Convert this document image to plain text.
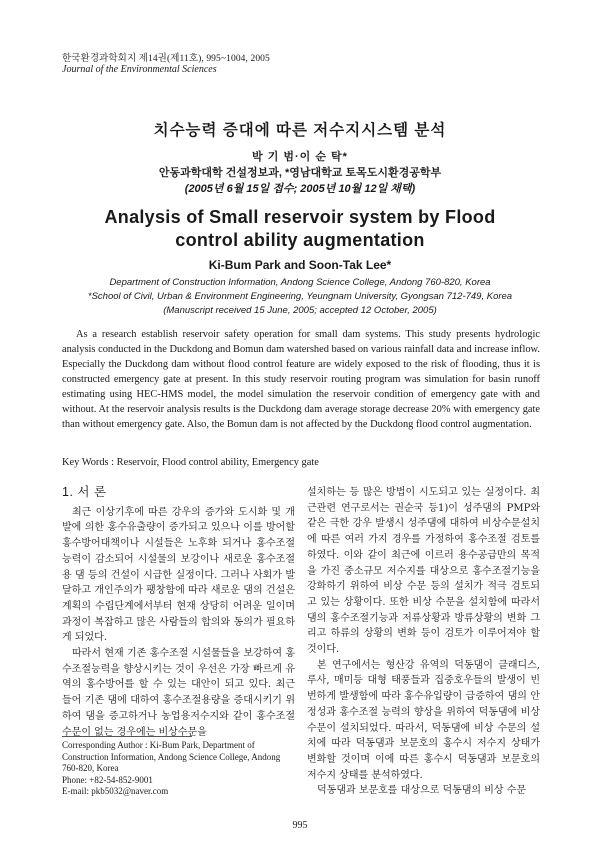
한국환경과학회지 제14권(제11호), 995~1004, 2005
Journal of the Environmental Sciences
치수능력 증대에 따른 저수지시스템 분석
박 기 범·이 순 탁*
안동과학대학 건설정보과, *영남대학교 토목도시환경공학부
(2005년 6월 15일 접수; 2005년 10월 12일 채택)
Analysis of Small reservoir system by Flood
control ability augmentation
Ki-Bum Park and Soon-Tak Lee*
Department of Construction Information, Andong Science College, Andong 760-820, Korea
*School of Civil, Urban & Environment Engineering, Yeungnam University, Gyongsan 712-749, Korea
(Manuscript received 15 June, 2005; accepted 12 October, 2005)
As a research establish reservoir safety operation for small dam systems. This study presents hydrologic analysis conducted in the Duckdong and Bomun dam watershed based on various rainfall data and increase inflow. Especially the Duckdong dam without flood control feature are widely exposed to the risk of flooding, thus it is constructed emergency gate at present. In this study reservoir routing program was simulation for basin runoff estimating using HEC-HMS model, the model simulation the reservoir condition of emergency gate with and without. At the reservoir analysis results is the Duckdong dam average storage decrease 20% with emergency gate than without emergency gate. Also, the Bomun dam is not affected by the Duckdong flood control augmentation.
Key Words : Reservoir, Flood control ability, Emergency gate
1. 서 론

최근 이상기후에 따른 강우의 증가와 도시화 및 개발에 의한 홍수유출량이 증가되고 있으나 이를 방어할 홍수방어대책이나 시설들은 노후화 되거나 홍수조절능력이 감소되어 시설물의 보강이나 새로운 홍수조절용 댐 등의 건설이 시급한 실정이다. 그러나 사회가 발달하고 개인주의가 팽창함에 따라 새로운 댐의 건설은 계획의 수립단계에서부터 현재 상당히 어려운 일이며 과정이 복잡하고 많은 사람들의 합의와 동의가 필요하게 되었다.

따라서 현재 기존 홍수조절 시설물들을 보강하여 홍수조절능력을 향상시키는 것이 우선은 가장 빠르게 유역의 홍수방어를 할 수 있는 대안이 되고 있다. 최근 들어 기존 댐에 대하여 홍수조절용량을 증대시키기 위하여 댐을 증고하거나 농업용저수지와 같이 홍수조절 수문이 없는 경우에는 비상수문을

설치하는 등 많은 방법이 시도되고 있는 실정이다. 최근관련 연구로서는 권순국 등1)이 성주댐의 PMP와 같은 극한 강우 발생시 성주댐에 대하여 비상수문설치에 따른 여러 가지 경우를 가정하여 홍수조절 검토를 하였다. 이와 같이 최근에 이르러 용수공급만의 목적을 가진 중소규모 저수지를 대상으로 홍수조절기능을 강화하기 위하여 비상 수문 등의 설치가 적극 검토되고 있는 상황이다. 또한 비상 수문을 설치함에 따라서 댐의 홍수조절기능과 저류상황과 방류상황의 변화 그리고 하류의 상황의 변화 등이 검토가 이루어져야 할 것이다.

본 연구에서는 형산강 유역의 덕동댐이 클래디스, 루사, 매미등 대형 태풍들과 집중호우들의 발생이 빈번하게 발생함에 따라 홍수유입량이 급증하여 댐의 안정성과 홍수조절 능력의 향상을 위하여 덕동댐에 비상 수문이 설치되었다. 따라서, 덕동댐에 비상 수문의 설치에 따라 덕동댐과 보문호의 홍수시 저수지 상태가 변화할 것이며 이에 따른 홍수시 덕동댐과 보문호의 저수지 상태를 분석하였다.

덕동댐과 보문호를 대상으로 덕동댐의 비상 수문

Corresponding Author : Ki-Bum Park, Department of Construction Information, Andong Science College, Andong 760-820, Korea
Phone: +82-54-852-9001
E-mail: pkb5032@naver.com
995
